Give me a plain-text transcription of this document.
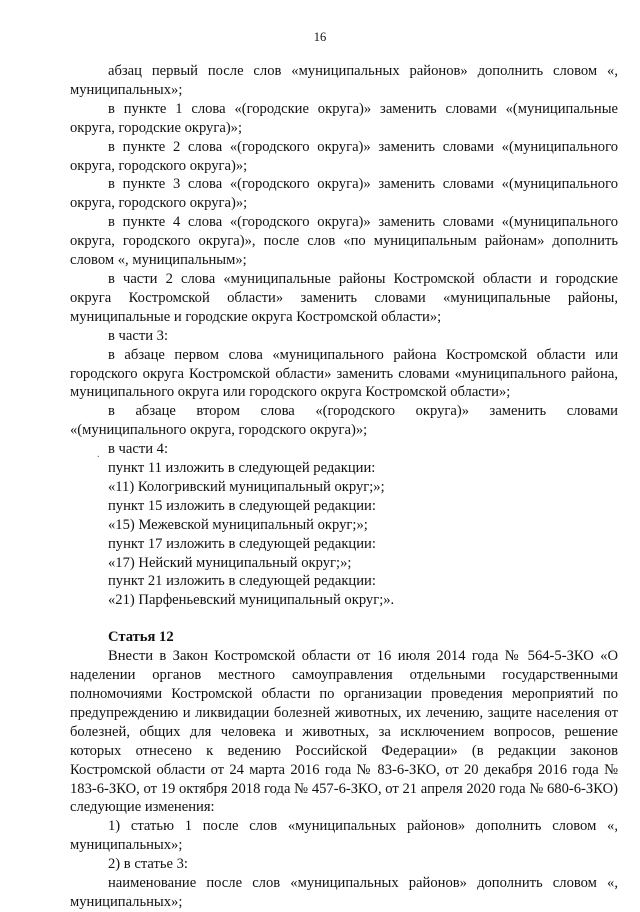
16
.

абзац первый после слов «муниципальных районов» дополнить словом «, муниципальных»;

в пункте 1 слова «(городские округа)» заменить словами «(муниципальные округа, городские округа)»;

в пункте 2 слова «(городского округа)» заменить словами «(муниципального округа, городского округа)»;

в пункте 3 слова «(городского округа)» заменить словами «(муниципального округа, городского округа)»;

в пункте 4 слова «(городского округа)» заменить словами «(муниципального округа, городского округа)», после слов «по муниципальным районам» дополнить словом «, муниципальным»;

в части 2 слова «муниципальные районы Костромской области и городские округа Костромской области» заменить словами «муниципальные районы, муниципальные и городские округа Костромской области»;

в части 3:

в абзаце первом слова «муниципального района Костромской области или городского округа Костромской области» заменить словами «муниципального района, муниципального округа или городского округа Костромской области»;

в абзаце втором слова «(городского округа)» заменить словами «(муниципального округа, городского округа)»;

в части 4:

пункт 11 изложить в следующей редакции:

«11) Кологривский муниципальный округ;»;

пункт 15 изложить в следующей редакции:

«15) Межевской муниципальный округ;»;

пункт 17 изложить в следующей редакции:

«17) Нейский муниципальный округ;»;

пункт 21 изложить в следующей редакции:

«21) Парфеньевский муниципальный округ;».

Статья 12

Внести в Закон Костромской области от 16 июля 2014 года № 564-5-ЗКО «О наделении органов местного самоуправления отдельными государственными полномочиями Костромской области по организации проведения мероприятий по предупреждению и ликвидации болезней животных, их лечению, защите населения от болезней, общих для человека и животных, за исключением вопросов, решение которых отнесено к ведению Российской Федерации» (в редакции законов Костромской области от 24 марта 2016 года № 83-6-ЗКО, от 20 декабря 2016 года № 183-6-ЗКО, от 19 октября 2018 года № 457-6-ЗКО, от 21 апреля 2020 года № 680-6-ЗКО) следующие изменения:

1) статью 1 после слов «муниципальных районов» дополнить словом «, муниципальных»;

2) в статье 3:

наименование после слов «муниципальных районов» дополнить словом «, муниципальных»;
